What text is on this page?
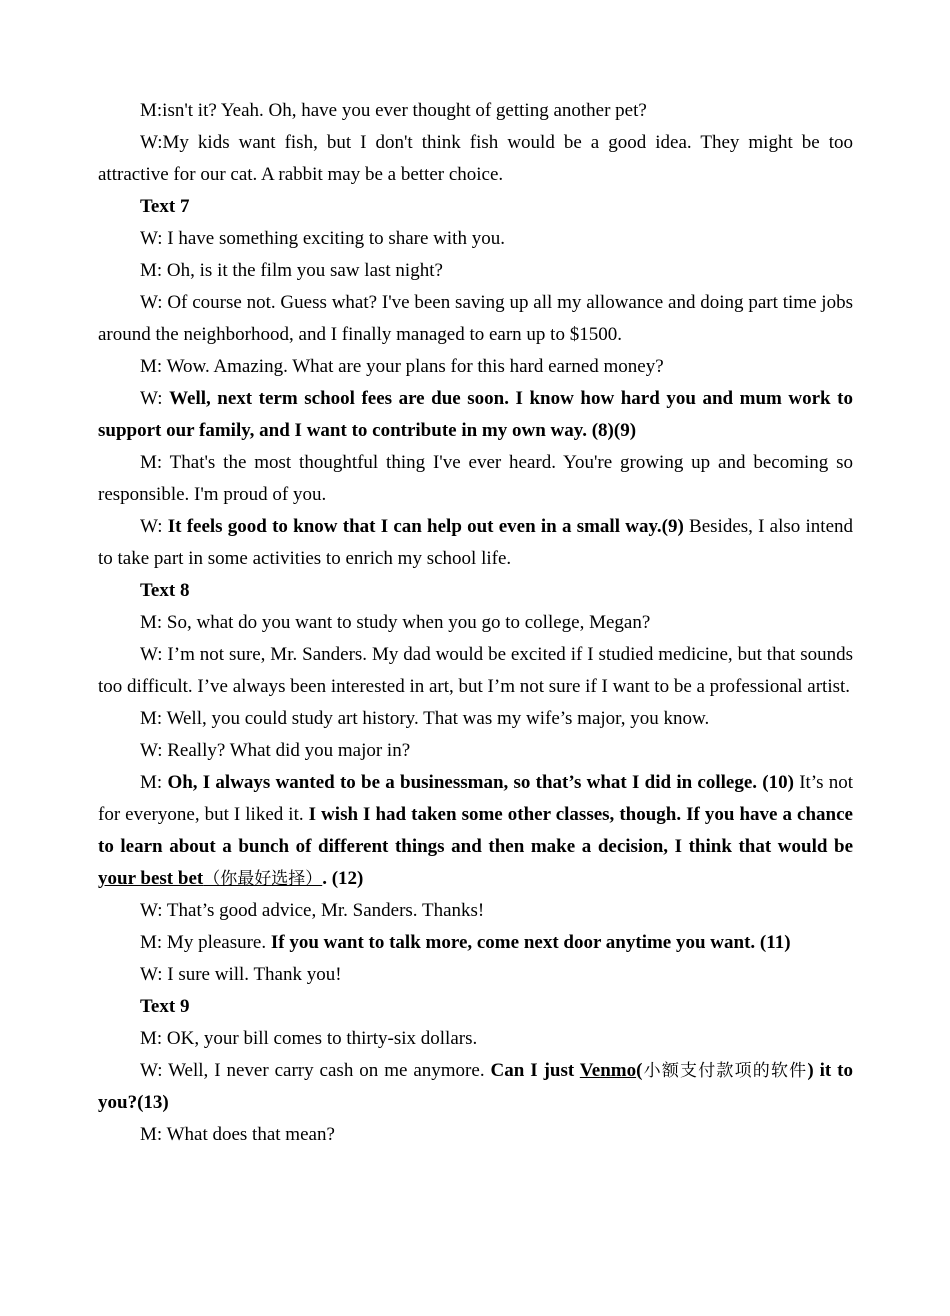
M:isn't it? Yeah. Oh, have you ever thought of getting another pet?

W:My kids want fish, but I don't think fish would be a good idea. They might be too attractive for our cat. A rabbit may be a better choice.

Text 7

W: I have something exciting to share with you.

M: Oh, is it the film you saw last night?

W: Of course not. Guess what? I've been saving up all my allowance and doing part time jobs around the neighborhood, and I finally managed to earn up to $1500.

M: Wow. Amazing. What are your plans for this hard earned money?

W: Well, next term school fees are due soon. I know how hard you and mum work to support our family, and I want to contribute in my own way. (8)(9)

M: That's the most thoughtful thing I've ever heard. You're growing up and becoming so responsible. I'm proud of you.

W: It feels good to know that I can help out even in a small way.(9) Besides, I also intend to take part in some activities to enrich my school life.

Text 8

M: So, what do you want to study when you go to college, Megan?

W: I’m not sure, Mr. Sanders. My dad would be excited if I studied medicine, but that sounds too difficult. I’ve always been interested in art, but I’m not sure if I want to be a professional artist.

M: Well, you could study art history. That was my wife’s major, you know.

W: Really? What did you major in?

M: Oh, I always wanted to be a businessman, so that’s what I did in college. (10) It’s not for everyone, but I liked it. I wish I had taken some other classes, though. If you have a chance to learn about a bunch of different things and then make a decision, I think that would be your best bet（你最好选择）. (12)

W: That’s good advice, Mr. Sanders. Thanks!

M: My pleasure. If you want to talk more, come next door anytime you want. (11)

W: I sure will. Thank you!

Text 9

M: OK, your bill comes to thirty-six dollars.

W: Well, I never carry cash on me anymore. Can I just Venmo(小额支付款项的软件) it to you?(13)

M: What does that mean?
